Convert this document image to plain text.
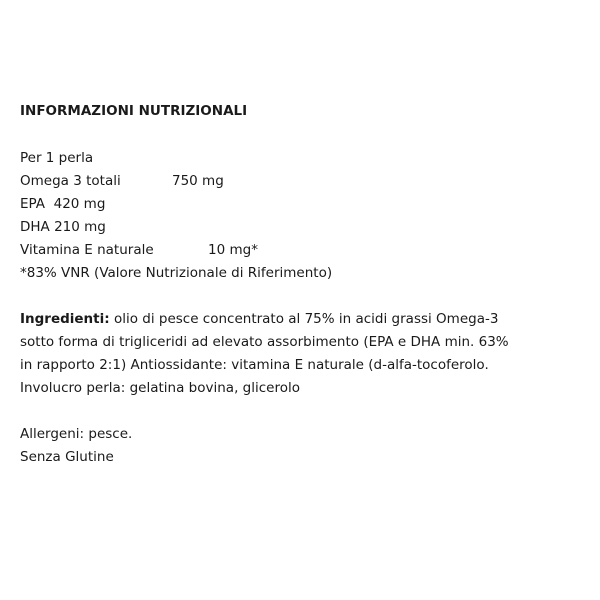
INFORMAZIONI NUTRIZIONALI
Per 1 perla
Omega 3 totali	750 mg
EPA  420 mg
DHA 210 mg
Vitamina E naturale	10 mg*
*83% VNR (Valore Nutrizionale di Riferimento)
Ingredienti: olio di pesce concentrato al 75% in acidi grassi Omega-3
sotto forma di trigliceridi ad elevato assorbimento (EPA e DHA min. 63%
in rapporto 2:1) Antiossidante: vitamina E naturale (d-alfa-tocoferolo.
Involucro perla: gelatina bovina, glicerolo
Allergeni: pesce.
Senza Glutine
